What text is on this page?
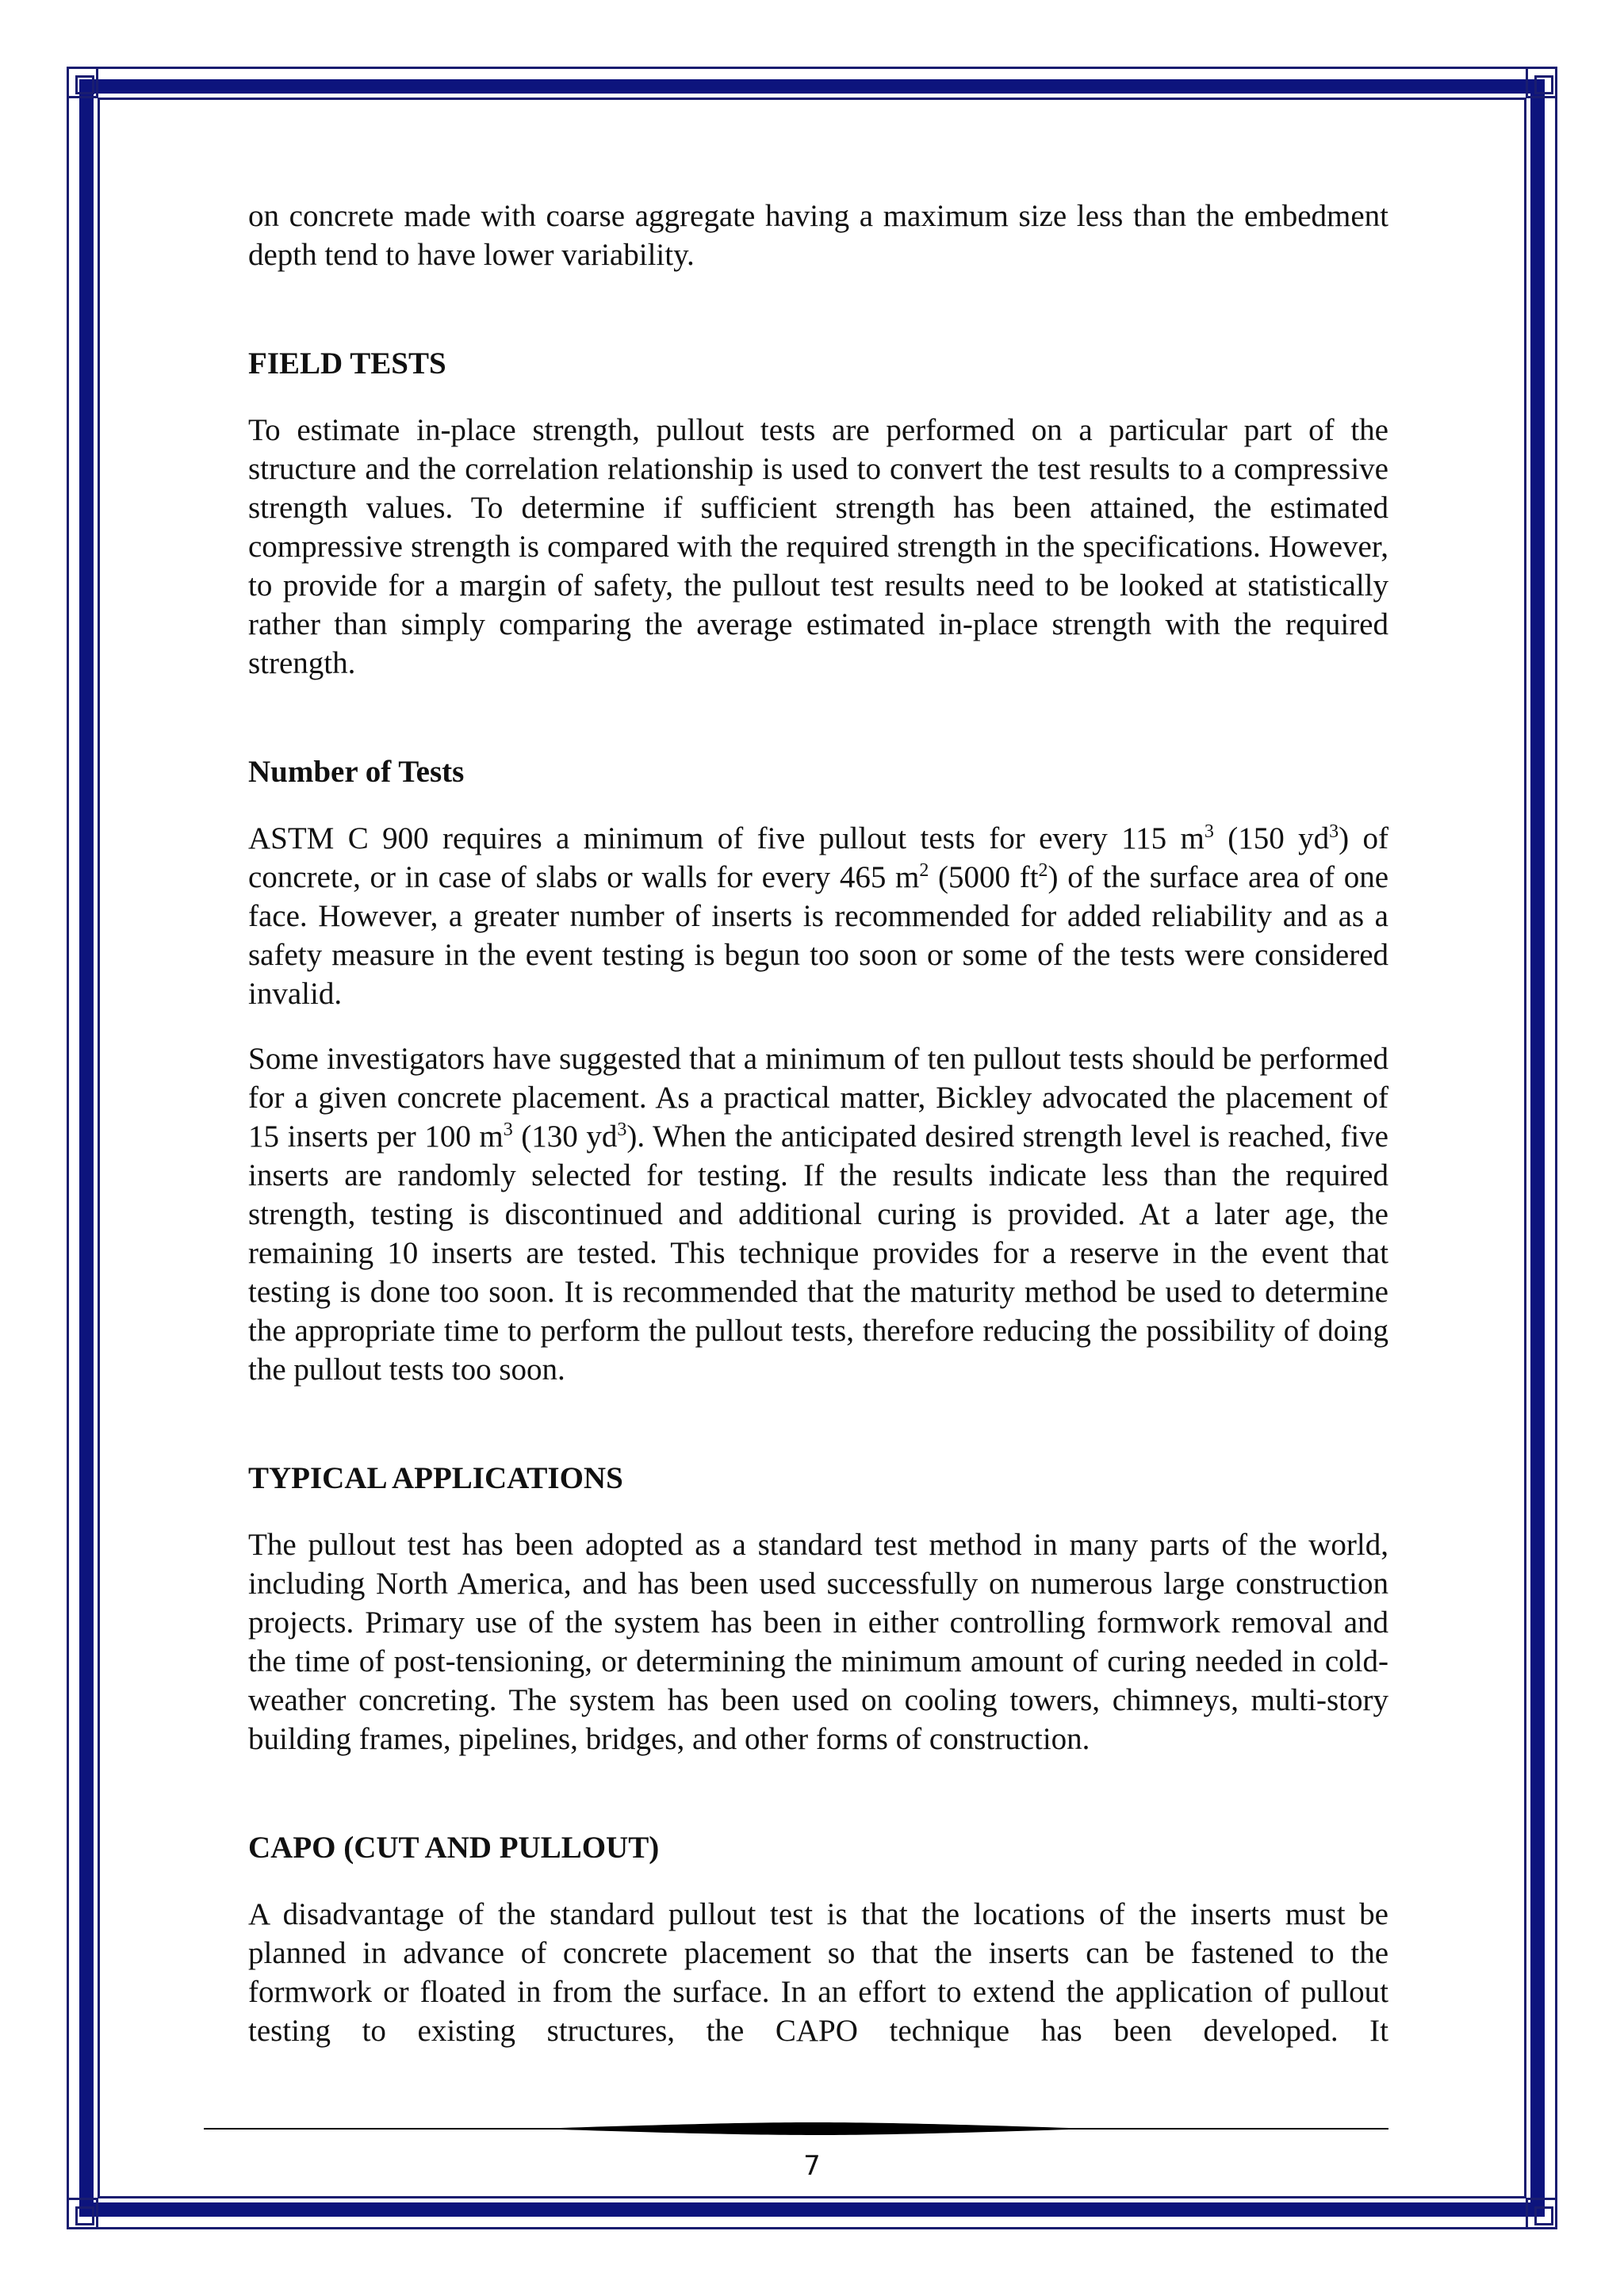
on concrete made with coarse aggregate having a maximum size less than the embedment depth tend to have lower variability.

FIELD TESTS

To estimate in-place strength, pullout tests are performed on a particular part of the structure and the correlation relationship is used to convert the test results to a compressive strength values. To determine if sufficient strength has been attained, the estimated compressive strength is compared with the required strength in the specifications. However, to provide for a margin of safety, the pullout test results need to be looked at statistically rather than simply comparing the average estimated in-place strength with the required strength.

Number of Tests

ASTM C 900 requires a minimum of five pullout tests for every 115 $m^3$ (150 $yd^3$) of concrete, or in case of slabs or walls for every 465 $m^2$ (5000 $ft^2$) of the surface area of one face. However, a greater number of inserts is recommended for added reliability and as a safety measure in the event testing is begun too soon or some of the tests were considered invalid.

Some investigators have suggested that a minimum of ten pullout tests should be performed for a given concrete placement. As a practical matter, Bickley advocated the placement of 15 inserts per 100 $m^3$ (130 $yd^3$). When the anticipated desired strength level is reached, five inserts are randomly selected for testing. If the results indicate less than the required strength, testing is discontinued and additional curing is provided. At a later age, the remaining 10 inserts are tested. This technique provides for a reserve in the event that testing is done too soon. It is recommended that the maturity method be used to determine the appropriate time to perform the pullout tests, therefore reducing the possibility of doing the pullout tests too soon.

TYPICAL APPLICATIONS

The pullout test has been adopted as a standard test method in many parts of the world, including North America, and has been used successfully on numerous large construction projects. Primary use of the system has been in either controlling formwork removal and the time of post-tensioning, or determining the minimum amount of curing needed in cold-weather concreting. The system has been used on cooling towers, chimneys, multi-story building frames, pipelines, bridges, and other forms of construction.

CAPO (CUT AND PULLOUT)

A disadvantage of the standard pullout test is that the locations of the inserts must be planned in advance of concrete placement so that the inserts can be fastened to the formwork or floated in from the surface. In an effort to extend the application of pullout testing to existing structures, the CAPO technique has been developed. It

7
